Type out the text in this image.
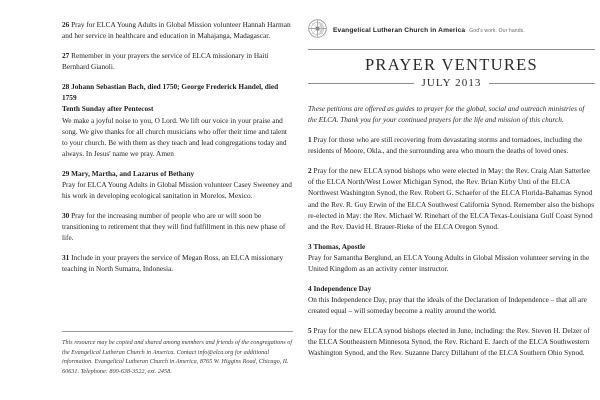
26 Pray for ELCA Young Adults in Global Mission volunteer Hannah Harman and her service in healthcare and education in Mahajanga, Madagascar.
27 Remember in your prayers the service of ELCA missionary in Haiti Bernhard Gianoli.
28 Johann Sebastian Bach, died 1750; George Frederick Handel, died 1759
Tenth Sunday after Pentecost
We make a joyful noise to you, O Lord. We lift our voice in your praise and song. We give thanks for all church musicians who offer their time and talent to your church. Be with them as they teach and lead congregations today and always. In Jesus' name we pray. Amen
29 Mary, Martha, and Lazarus of Bethany
Pray for ELCA Young Adults in Global Mission volunteer Casey Sweeney and his work in developing ecological sanitation in Morelos, Mexico.
30 Pray for the increasing number of people who are or will soon be transitioning to retirement that they will find fulfillment in this new phase of life.
31 Include in your prayers the service of Megan Ross, an ELCA missionary teaching in North Sumatra, Indonesia.
This resource may be copied and shared among members and friends of the congregations of the Evangelical Lutheran Church in America. Contact info@elca.org for additional information. Evangelical Lutheran Church in America, 8765 W. Higgins Road, Chicago, IL 60631. Telephone: 800-638-3522, ext. 2458.
Evangelical Lutheran Church in America God's work. Our hands.
PRAYER VENTURES
JULY 2013
These petitions are offered as guides to prayer for the global, social and outreach ministries of the ELCA. Thank you for your continued prayers for the life and mission of this church.
1 Pray for those who are still recovering from devastating storms and tornadoes, including the residents of Moore, Okla., and the surrounding area who mourn the deaths of loved ones.
2 Pray for the new ELCA synod bishops who were elected in May: the Rev. Craig Alan Satterlee of the ELCA North/West Lower Michigan Synod, the Rev. Brian Kirby Unti of the ELCA Northwest Washington Synod, the Rev. Robert G. Schaefer of the ELCA Florida-Bahamas Synod and the Rev. R. Guy Erwin of the ELCA Southwest California Synod. Remember also the bishops re-elected in May: the Rev. Michael W. Rinehart of the ELCA Texas-Louisiana Gulf Coast Synod and the Rev. David H. Brauer-Rieke of the ELCA Oregon Synod.
3 Thomas, Apostle
Pray for Samantha Berglund, an ELCA Young Adults in Global Mission volunteer serving in the United Kingdom as an activity center instructor.
4 Independence Day
On this Independence Day, pray that the ideals of the Declaration of Independence – that all are created equal – will someday become a reality around the world.
5 Pray for the new ELCA synod bishops elected in June, including: the Rev. Steven H. Delzer of the ELCA Southeastern Minnesota Synod, the Rev. Richard E. Jaech of the ELCA Southwestern Washington Synod, and the Rev. Suzanne Darcy Dillahunt of the ELCA Southern Ohio Synod.
